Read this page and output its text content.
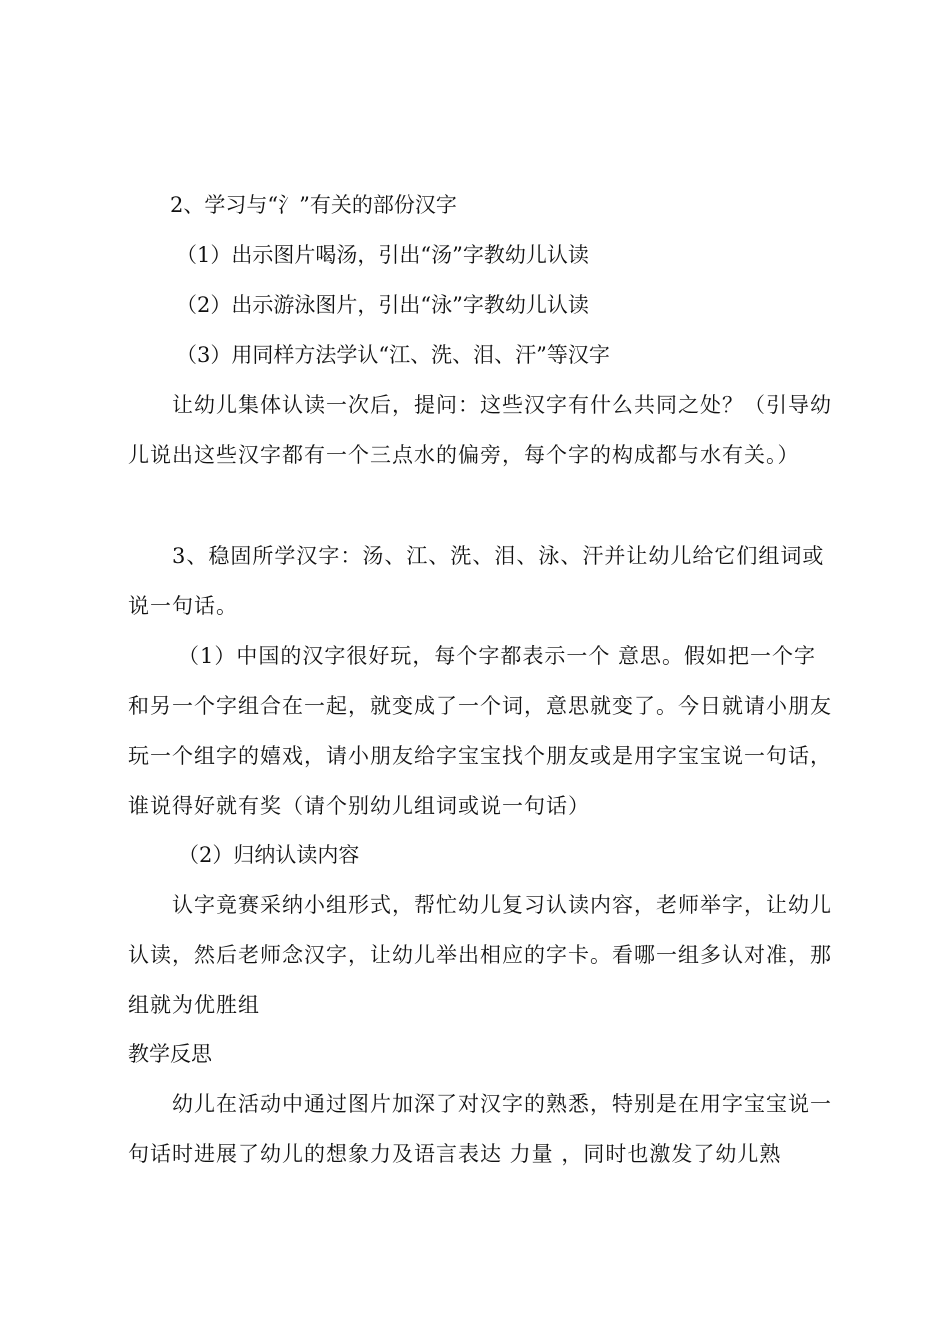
2、学习与“氵”有关的部份汉字
（1）出示图片喝汤，引出“汤”字教幼儿认读
（2）出示游泳图片，引出“泳”字教幼儿认读
（3）用同样方法学认“江、洗、泪、汗”等汉字
让幼儿集体认读一次后，提问：这些汉字有什么共同之处？（引导幼儿说出这些汉字都有一个三点水的偏旁，每个字的构成都与水有关。）
3、稳固所学汉字：汤、江、洗、泪、泳、汗并让幼儿给它们组词或说一句话。
（1）中国的汉字很好玩，每个字都表示一个 意思。假如把一个字和另一个字组合在一起，就变成了一个词，意思就变了。今日就请小朋友玩一个组字的嬉戏，请小朋友给字宝宝找个朋友或是用字宝宝说一句话，谁说得好就有奖（请个别幼儿组词或说一句话）
（2）归纳认读内容
认字竟赛采纳小组形式，帮忙幼儿复习认读内容，老师举字，让幼儿认读，然后老师念汉字，让幼儿举出相应的字卡。看哪一组多认对准，那组就为优胜组
教学反思
幼儿在活动中通过图片加深了对汉字的熟悉，特别是在用字宝宝说一句话时进展了幼儿的想象力及语言表达 力量 ，同时也激发了幼儿熟
